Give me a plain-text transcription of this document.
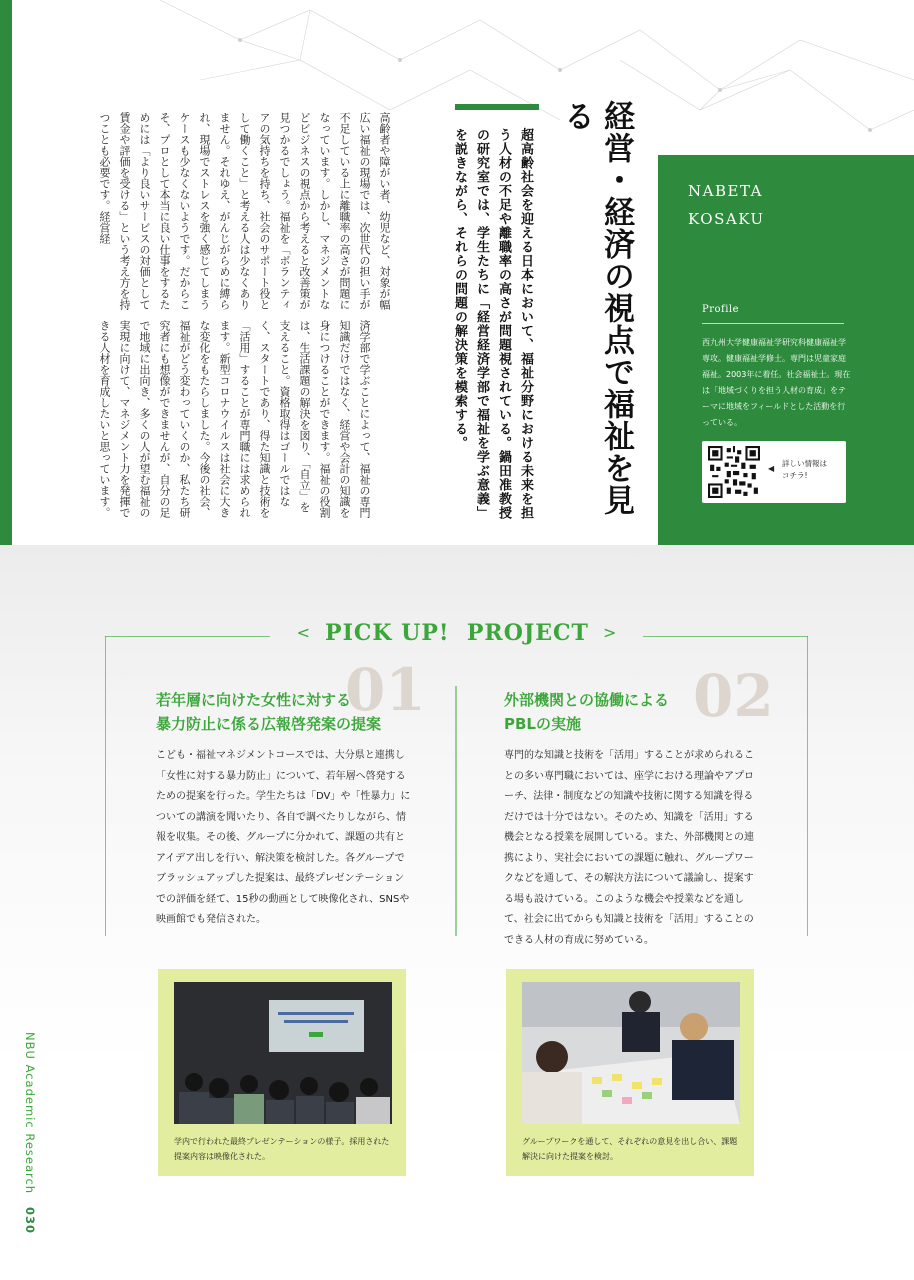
経営・経済の視点で福祉を見る
超高齢社会を迎える日本において、福祉分野における未来を担う人材の不足や離職率の高さが問題視されている。鍋田准教授の研究室では、学生たちに「経営経済学部で福祉を学ぶ意義」を説きながら、それらの問題の解決策を模索する。
高齢者や障がい者、幼児など、対象が幅広い福祉の現場では、次世代の担い手が不足している上に離職率の高さが問題になっています。しかし、マネジメントなどビジネスの視点から考えると改善策が見つかるでしょう。福祉を「ボランティアの気持ちを持ち、社会のサポート役として働くこと」と考える人は少なくありません。それゆえ、がんじがらめに縛られ、現場でストレスを強く感じてしまうケースも少なくないようです。だからこそ、プロとして本当に良い仕事をするためには「より良いサービスの対価として賃金や評価を受ける」という考え方を持つことも必要です。経営経
済学部で学ぶことによって、福祉の専門知識だけではなく、経営や会計の知識を身につけることができます。福祉の役割は、生活課題の解決を図り、「自立」を支えること。資格取得はゴールではなく、スタートであり、得た知識と技術を「活用」することが専門職には求められます。新型コロナウイルスは社会に大きな変化をもたらしました。今後の社会、福祉がどう変わっていくのか、私たち研究者にも想像ができませんが、自分の足で地域に出向き、多くの人が望む福祉の実現に向けて、マネジメント力を発揮できる人材を育成したいと思っています。
NABETA
KOSAKU
Profile
西九州大学健康福祉学研究科健康福祉学専攻。健康福祉学修士。専門は児童家庭福祉。2003年に着任。社会福祉士。現在は「地域づくりを担う人材の育成」をテーマに地域をフィールドとした活動を行っている。
◀
詳しい情報は
コチラ!
< PICK UP!  PROJECT >
01
若年層に向けた女性に対する
暴力防止に係る広報啓発案の提案
こども・福祉マネジメントコースでは、大分県と連携し「女性に対する暴力防止」について、若年層へ啓発するための提案を行った。学生たちは「DV」や「性暴力」についての講演を聞いたり、各自で調べたりしながら、情報を収集。その後、グループに分かれて、課題の共有とアイデア出しを行い、解決策を検討した。各グループでブラッシュアップした提案は、最終プレゼンテーションでの評価を経て、15秒の動画として映像化され、SNSや映画館でも発信された。
02
外部機関との協働による
PBLの実施
専門的な知識と技術を「活用」することが求められることの多い専門職においては、座学における理論やアプローチ、法律・制度などの知識や技術に関する知識を得るだけでは十分ではない。そのため、知識を「活用」する機会となる授業を展開している。また、外部機関との連携により、実社会においての課題に触れ、グループワークなどを通して、その解決方法について議論し、提案する場も設けている。このような機会や授業などを通して、社会に出てからも知識と技術を「活用」することのできる人材の育成に努めている。
学内で行われた最終プレゼンテーションの様子。採用された提案内容は映像化された。
グループワークを通して、それぞれの意見を出し合い、課題解決に向けた提案を検討。
NBU Academic Research 030
